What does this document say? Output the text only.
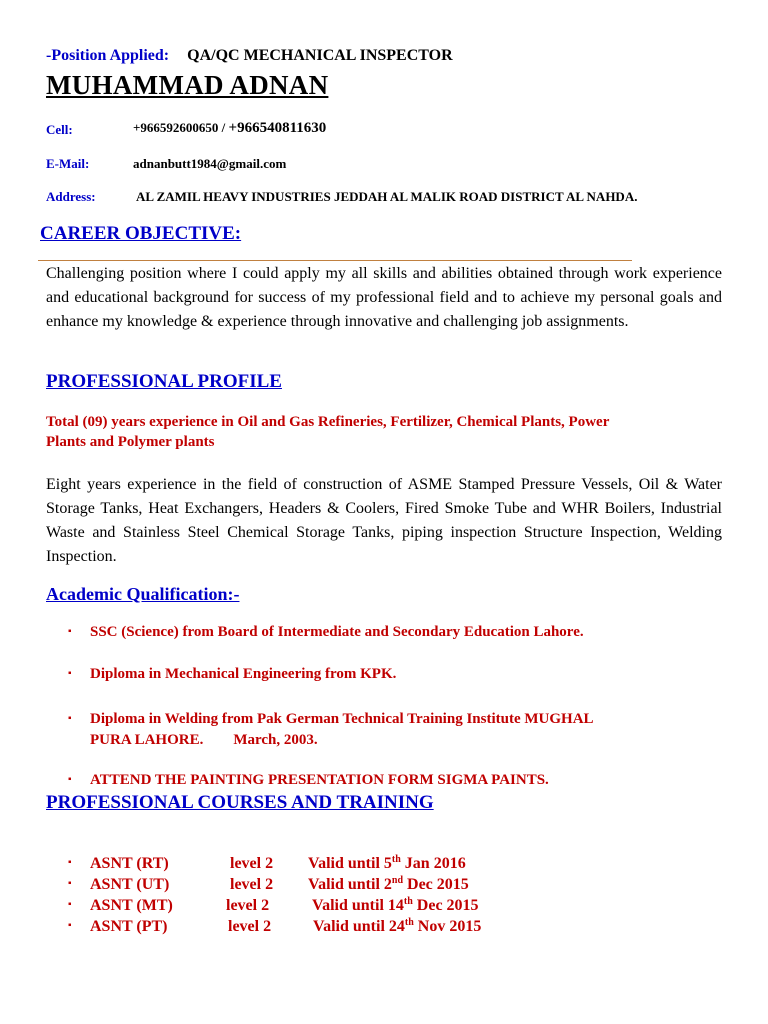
-Position Applied: QA/QC MECHANICAL INSPECTOR
MUHAMMAD ADNAN
Cell:	+966592600650 / +966540811630
E-Mail:	adnanbutt1984@gmail.com
Address:	AL ZAMIL HEAVY INDUSTRIES JEDDAH AL MALIK ROAD DISTRICT AL NAHDA.
CAREER OBJECTIVE:
Challenging position where I could apply my all skills and abilities obtained through work experience and educational background for success of my professional field and to achieve my personal goals and enhance my knowledge & experience through innovative and challenging job assignments.
PROFESSIONAL PROFILE
Total (09) years experience in Oil and Gas Refineries, Fertilizer, Chemical Plants, Power
Plants and Polymer plants
Eight years experience in the field of construction of ASME Stamped Pressure Vessels, Oil & Water Storage Tanks, Heat Exchangers, Headers & Coolers, Fired Smoke Tube and WHR Boilers, Industrial Waste and Stainless Steel Chemical Storage Tanks, piping inspection Structure Inspection, Welding Inspection.
Academic Qualification:-
▪ SSC (Science) from Board of Intermediate and Secondary Education Lahore.
▪ Diploma in Mechanical Engineering from KPK.
▪ Diploma in Welding from Pak German Technical Training Institute MUGHAL
PURA LAHORE.        March, 2003.
▪ ATTEND THE PAINTING PRESENTATION FORM SIGMA PAINTS.
PROFESSIONAL COURSES AND TRAINING
▪ ASNT (RT)	level 2 Valid until 5th Jan 2016
▪ ASNT (UT)	level 2 Valid until 2nd Dec 2015
▪ ASNT (MT)	level 2	Valid until 14th Dec 2015
▪ ASNT (PT)	level 2	Valid until 24th Nov 2015
